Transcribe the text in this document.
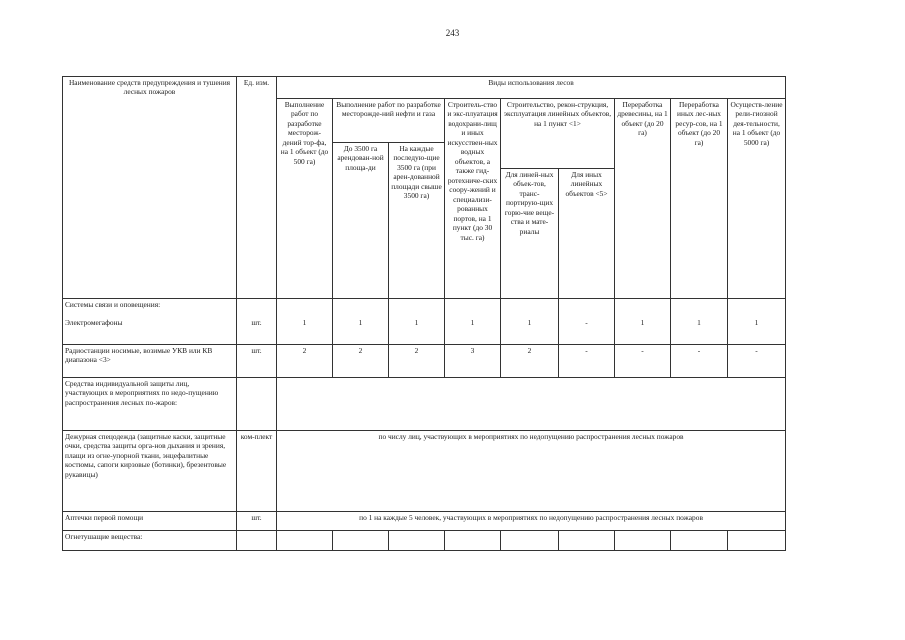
243
Наименование средств предупреждения и тушения лесных пожаров	Ед. изм.	Виды использования лесов								
		Выполнение работ по разработке месторож-дений тор-фа, на 1 объект (до 500 га)	Выполнение работ по разработке месторожде-ний нефти и газа		Строитель-ство и экс-плуатация водохрани-лищ и иных искусствен-ных водных объектов, а также гид-ротехниче-ских соору-жений и специализи-рованных портов, на 1 пункт (до 30 тыс. га)	Строительство, рекон-струкция, эксплуатация линейных объектов, на 1 пункт <1>		Переработка древесины, на 1 объект (до 20 га)	Переработка иных лес-ных ресур-сов, на 1 объект (до 20 га)	Осуществ-ление рели-гиозной дея-тельности, на 1 объект (до 5000 га)
			До 3500 га арендован-ной площа-ди	На каждые последую-щие 3500 га (при арен-дованной площади свыше 3500 га)						
						Для линей-ных объек-тов, транс-портирую-щих горю-чие веще-ства и мате-риалы	Для иных линейных объектов <5>			
Системы связи и оповещения:										
Электромегафоны	шт.	1	1	1	1	1	-	1	1	1
Радиостанции носимые, возимые УКВ или КВ диапазона <3>	шт.	2	2	2	3	2	-	-	-	-
Средства индивидуальной защиты лиц, участвующих в мероприятиях по недо-пущению распространения лесных по-жаров:										
Дежурная спецодежда (защитные каски, защитные очки, средства защиты орга-нов дыхания и зрения, плащи из огне-упорной ткани, энцефалитные костюмы, сапоги кирзовые (ботинки), брезентовые рукавицы)	ком-плект	по числу лиц, участвующих в мероприятиях по недопущению распространения лесных пожаров								
Аптечки первой помощи	шт.	по 1 на каждые 5 человек, участвующих в мероприятиях по недопущению распространения лесных пожаров								
Огнетушащие вещества:										
